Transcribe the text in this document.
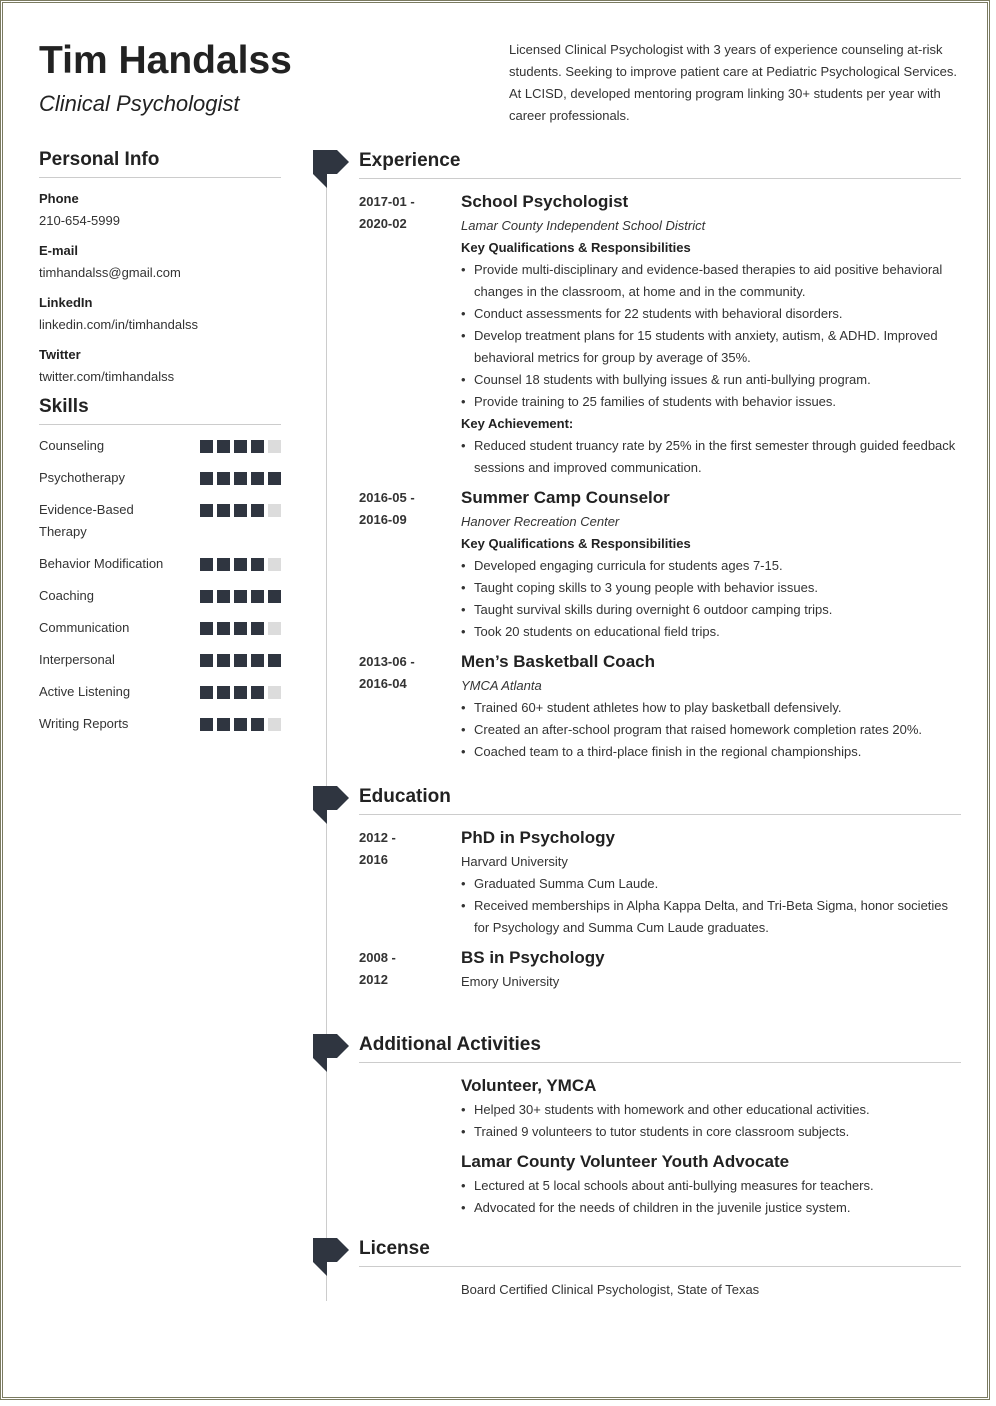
Tim Handalss
Clinical Psychologist
Licensed Clinical Psychologist with 3 years of experience counseling at-risk students. Seeking to improve patient care at Pediatric Psychological Services. At LCISD, developed mentoring program linking 30+ students per year with career professionals.
Personal Info
Phone
210-654-5999
E-mail
timhandalss@gmail.com
LinkedIn
linkedin.com/in/timhandalss
Twitter
twitter.com/timhandalss
Skills
Counseling
Psychotherapy
Evidence-Based Therapy
Behavior Modification
Coaching
Communication
Interpersonal
Active Listening
Writing Reports
Experience
2017-01 -
2020-02
School Psychologist
Lamar County Independent School District
Key Qualifications & Responsibilities
• Provide multi-disciplinary and evidence-based therapies to aid positive behavioral changes in the classroom, at home and in the community.
• Conduct assessments for 22 students with behavioral disorders.
• Develop treatment plans for 15 students with anxiety, autism, & ADHD. Improved behavioral metrics for group by average of 35%.
• Counsel 18 students with bullying issues & run anti-bullying program.
• Provide training to 25 families of students with behavior issues.
Key Achievement:
• Reduced student truancy rate by 25% in the first semester through guided feedback sessions and improved communication.
2016-05 -
2016-09
Summer Camp Counselor
Hanover Recreation Center
Key Qualifications & Responsibilities
• Developed engaging curricula for students ages 7-15.
• Taught coping skills to 3 young people with behavior issues.
• Taught survival skills during overnight 6 outdoor camping trips.
• Took 20 students on educational field trips.
2013-06 -
2016-04
Men’s Basketball Coach
YMCA Atlanta
• Trained 60+ student athletes how to play basketball defensively.
• Created an after-school program that raised homework completion rates 20%.
• Coached team to a third-place finish in the regional championships.
Education
2012 -
2016
PhD in Psychology
Harvard University
• Graduated Summa Cum Laude.
• Received memberships in Alpha Kappa Delta, and Tri-Beta Sigma, honor societies for Psychology and Summa Cum Laude graduates.
2008 -
2012
BS in Psychology
Emory University
Additional Activities
Volunteer, YMCA
• Helped 30+ students with homework and other educational activities.
• Trained 9 volunteers to tutor students in core classroom subjects.
Lamar County Volunteer Youth Advocate
• Lectured at 5 local schools about anti-bullying measures for teachers.
• Advocated for the needs of children in the juvenile justice system.
License
Board Certified Clinical Psychologist, State of Texas
